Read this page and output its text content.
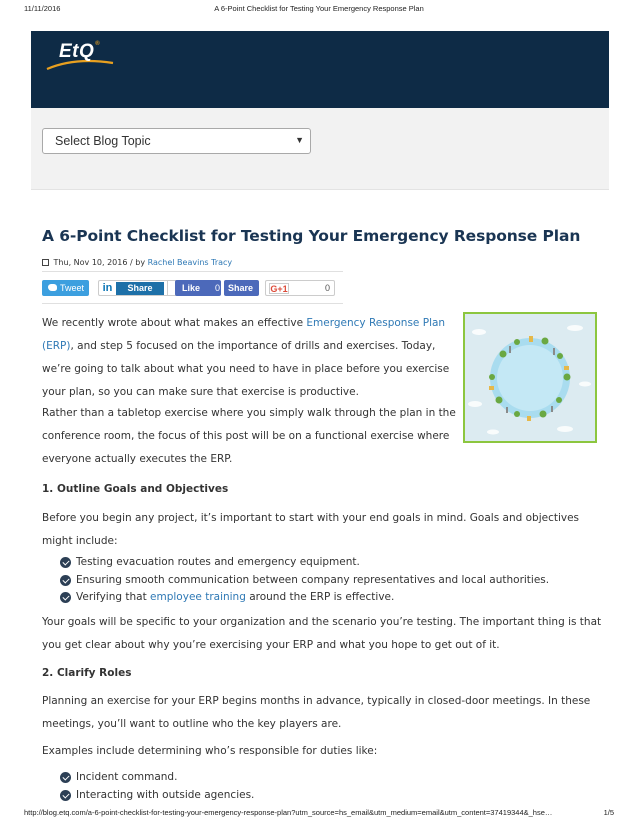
11/11/2016	A 6-Point Checklist for Testing Your Emergency Response Plan
EtQ®
Select Blog Topic	▼
A 6-Point Checklist for Testing Your Emergency Response Plan
Thu, Nov 10, 2016 / by Rachel Beavins Tracy
Tweet in	Share	Like 0 Share G+1	0

We recently wrote about what makes an effective Emergency Response Plan (ERP), and step 5 focused on the importance of drills and exercises. Today, we’re going to talk about what you need to have in place before you exercise your plan, so you can make sure that exercise is productive.

Rather than a tabletop exercise where you simply walk through the plan in the conference room, the focus of this post will be on a functional exercise where everyone actually executes the ERP.

1. Outline Goals and Objectives

Before you begin any project, it’s important to start with your end goals in mind. Goals and objectives might include:

Testing evacuation routes and emergency equipment.
Ensuring smooth communication between company representatives and local authorities.
Verifying that employee training around the ERP is effective.

Your goals will be specific to your organization and the scenario you’re testing. The important thing is that you get clear about why you’re exercising your ERP and what you hope to get out of it.

2. Clarify Roles

Planning an exercise for your ERP begins months in advance, typically in closed-door meetings. In these meetings, you’ll want to outline who the key players are.

Examples include determining who’s responsible for duties like:

Incident command.
Interacting with outside agencies.
http://blog.etq.com/a-6-point-checklist-for-testing-your-emergency-response-plan?utm_source=hs_email&utm_medium=email&utm_content=37419344&_hse…	1/5
